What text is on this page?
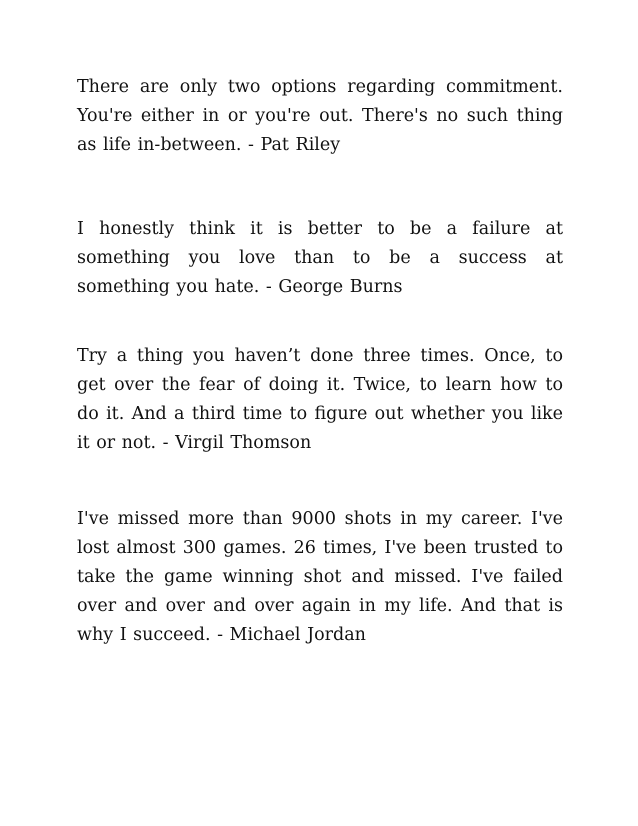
There are only two options regarding commitment. You're either in or you're out. There's no such thing as life in-between. - Pat Riley

I honestly think it is better to be a failure at something you love than to be a success at something you hate. - George Burns

Try a thing you haven’t done three times. Once, to get over the fear of doing it. Twice, to learn how to do it. And a third time to figure out whether you like it or not. - Virgil Thomson

I've missed more than 9000 shots in my career. I've lost almost 300 games. 26 times, I've been trusted to take the game winning shot and missed. I've failed over and over and over again in my life. And that is why I succeed. - Michael Jordan
